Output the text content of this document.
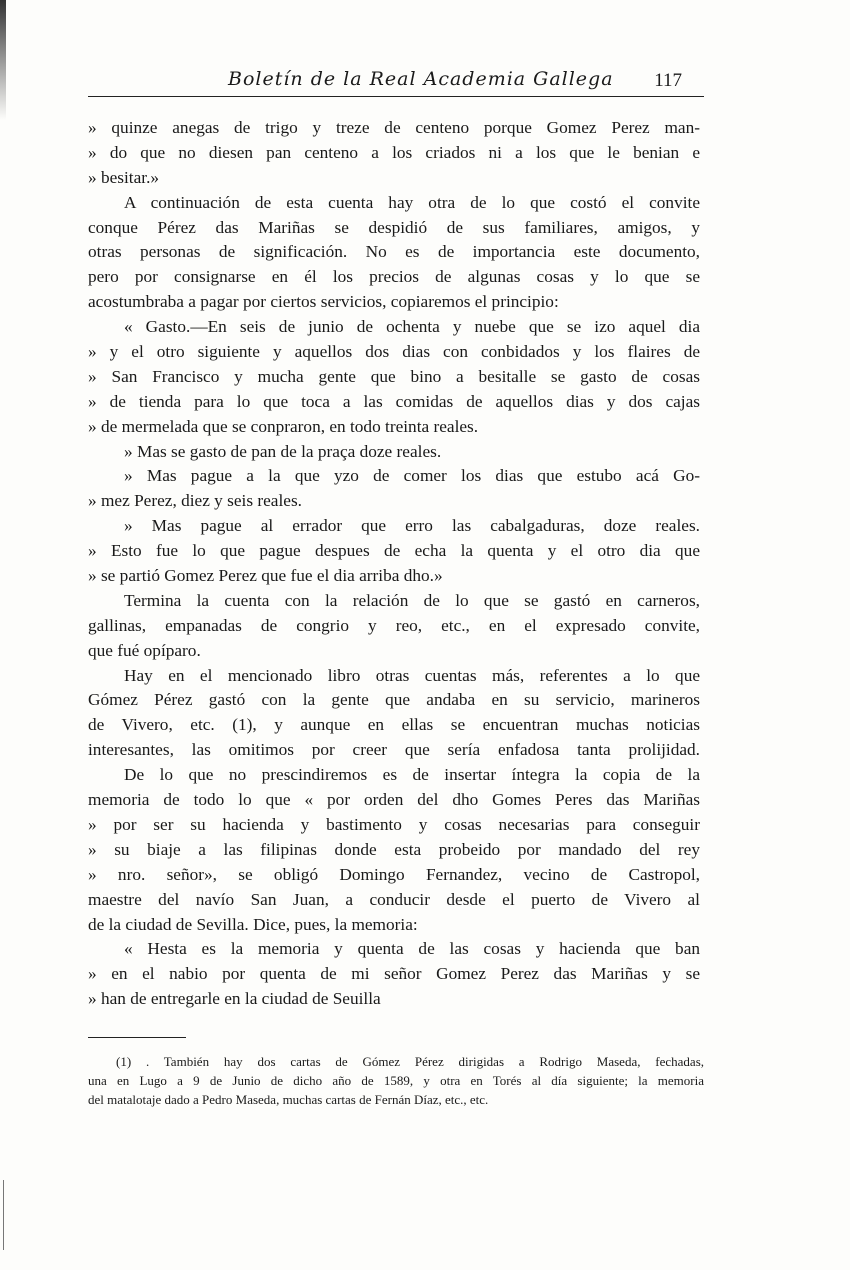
Boletín de la Real Academia Gallega 117
» quinze anegas de trigo y treze de centeno porque Gomez Perez man-
» do que no diesen pan centeno a los criados ni a los que le benian e
» besitar.»
A continuación de esta cuenta hay otra de lo que costó el convite
conque Pérez das Mariñas se despidió de sus familiares, amigos, y
otras personas de significación. No es de importancia este documento,
pero por consignarse en él los precios de algunas cosas y lo que se
acostumbraba a pagar por ciertos servicios, copiaremos el principio:
« Gasto.—En seis de junio de ochenta y nuebe que se izo aquel dia
» y el otro siguiente y aquellos dos dias con conbidados y los flaires de
» San Francisco y mucha gente que bino a besitalle se gasto de cosas
» de tienda para lo que toca a las comidas de aquellos dias y dos cajas
» de mermelada que se conpraron, en todo treinta reales.
» Mas se gasto de pan de la praça doze reales.
» Mas pague a la que yzo de comer los dias que estubo acá Go-
» mez Perez, diez y seis reales.
» Mas pague al errador que erro las cabalgaduras, doze reales.
» Esto fue lo que pague despues de echa la quenta y el otro dia que
» se partió Gomez Perez que fue el dia arriba dho.»
Termina la cuenta con la relación de lo que se gastó en carneros,
gallinas, empanadas de congrio y reo, etc., en el expresado convite,
que fué opíparo.
Hay en el mencionado libro otras cuentas más, referentes a lo que
Gómez Pérez gastó con la gente que andaba en su servicio, marineros
de Vivero, etc. (1), y aunque en ellas se encuentran muchas noticias
interesantes, las omitimos por creer que sería enfadosa tanta prolijidad.
De lo que no prescindiremos es de insertar íntegra la copia de la
memoria de todo lo que « por orden del dho Gomes Peres das Mariñas
» por ser su hacienda y bastimento y cosas necesarias para conseguir
» su biaje a las filipinas donde esta probeido por mandado del rey
» nro. señor», se obligó Domingo Fernandez, vecino de Castropol,
maestre del navío San Juan, a conducir desde el puerto de Vivero al
de la ciudad de Sevilla. Dice, pues, la memoria:
« Hesta es la memoria y quenta de las cosas y hacienda que ban
» en el nabio por quenta de mi señor Gomez Perez das Mariñas y se
» han de entregarle en la ciudad de Seuilla
(1) . También hay dos cartas de Gómez Pérez dirigidas a Rodrigo Maseda, fechadas,
una en Lugo a 9 de Junio de dicho año de 1589, y otra en Torés al día siguiente; la memoria
del matalotaje dado a Pedro Maseda, muchas cartas de Fernán Díaz, etc., etc.
